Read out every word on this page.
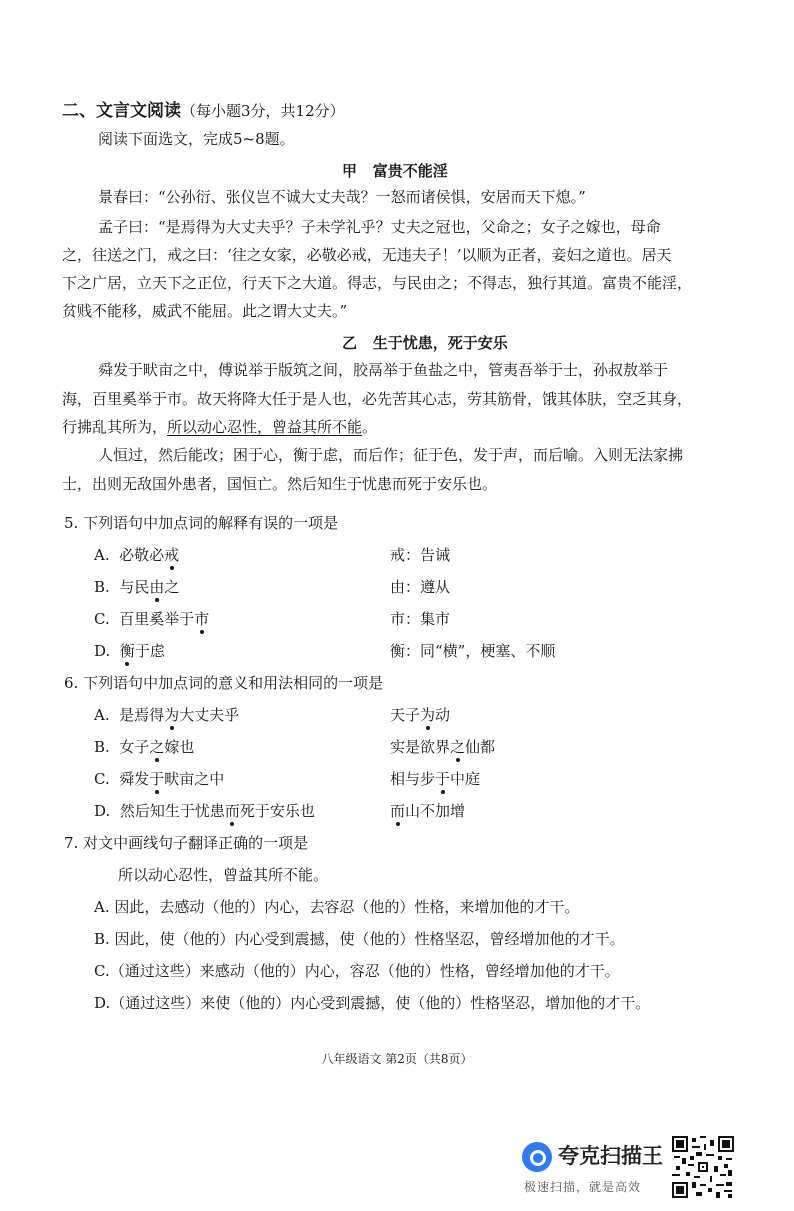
二、文言文阅读（每小题3分，共12分）
阅读下面选文，完成5~8题。
甲 富贵不能淫
景春曰：“公孙衍、张仪岂不诚大丈夫哉？一怒而诸侯惧，安居而天下熄。”
孟子曰：“是焉得为大丈夫乎？子未学礼乎？丈夫之冠也，父命之；女子之嫁也，母命
之，往送之门，戒之曰：‘往之女家，必敬必戒，无违夫子！’以顺为正者，妾妇之道也。居天
下之广居，立天下之正位，行天下之大道。得志，与民由之；不得志，独行其道。富贵不能淫，
贫贱不能移，威武不能屈。此之谓大丈夫。”
乙 生于忧患，死于安乐
舜发于畎亩之中，傅说举于版筑之间，胶鬲举于鱼盐之中，管夷吾举于士，孙叔敖举于
海，百里奚举于市。故天将降大任于是人也，必先苦其心志，劳其筋骨，饿其体肤，空乏其身，
行拂乱其所为，所以动心忍性，曾益其所不能。
人恒过，然后能改；困于心，衡于虑，而后作；征于色，发于声，而后喻。入则无法家拂
士，出则无敌国外患者，国恒亡。然后知生于忧患而死于安乐也。
5. 下列语句中加点词的解释有误的一项是
A. 必敬必戒	戒：告诫
B. 与民由之	由：遵从
C. 百里奚举于市	市：集市
D. 衡于虑	衡：同“横”，梗塞、不顺
6. 下列语句中加点词的意义和用法相同的一项是
A. 是焉得为大丈夫乎	天子为动
B. 女子之嫁也	实是欲界之仙都
C. 舜发于畎亩之中	相与步于中庭
D. 然后知生于忧患而死于安乐也	而山不加增
7. 对文中画线句子翻译正确的一项是
所以动心忍性，曾益其所不能。
A. 因此，去感动（他的）内心，去容忍（他的）性格，来增加他的才干。
B. 因此，使（他的）内心受到震撼，使（他的）性格坚忍，曾经增加他的才干。
C.（通过这些）来感动（他的）内心，容忍（他的）性格，曾经增加他的才干。
D.（通过这些）来使（他的）内心受到震撼，使（他的）性格坚忍，增加他的才干。
八年级语文 第2页（共8页）
夸克扫描王
极速扫描，就是高效
